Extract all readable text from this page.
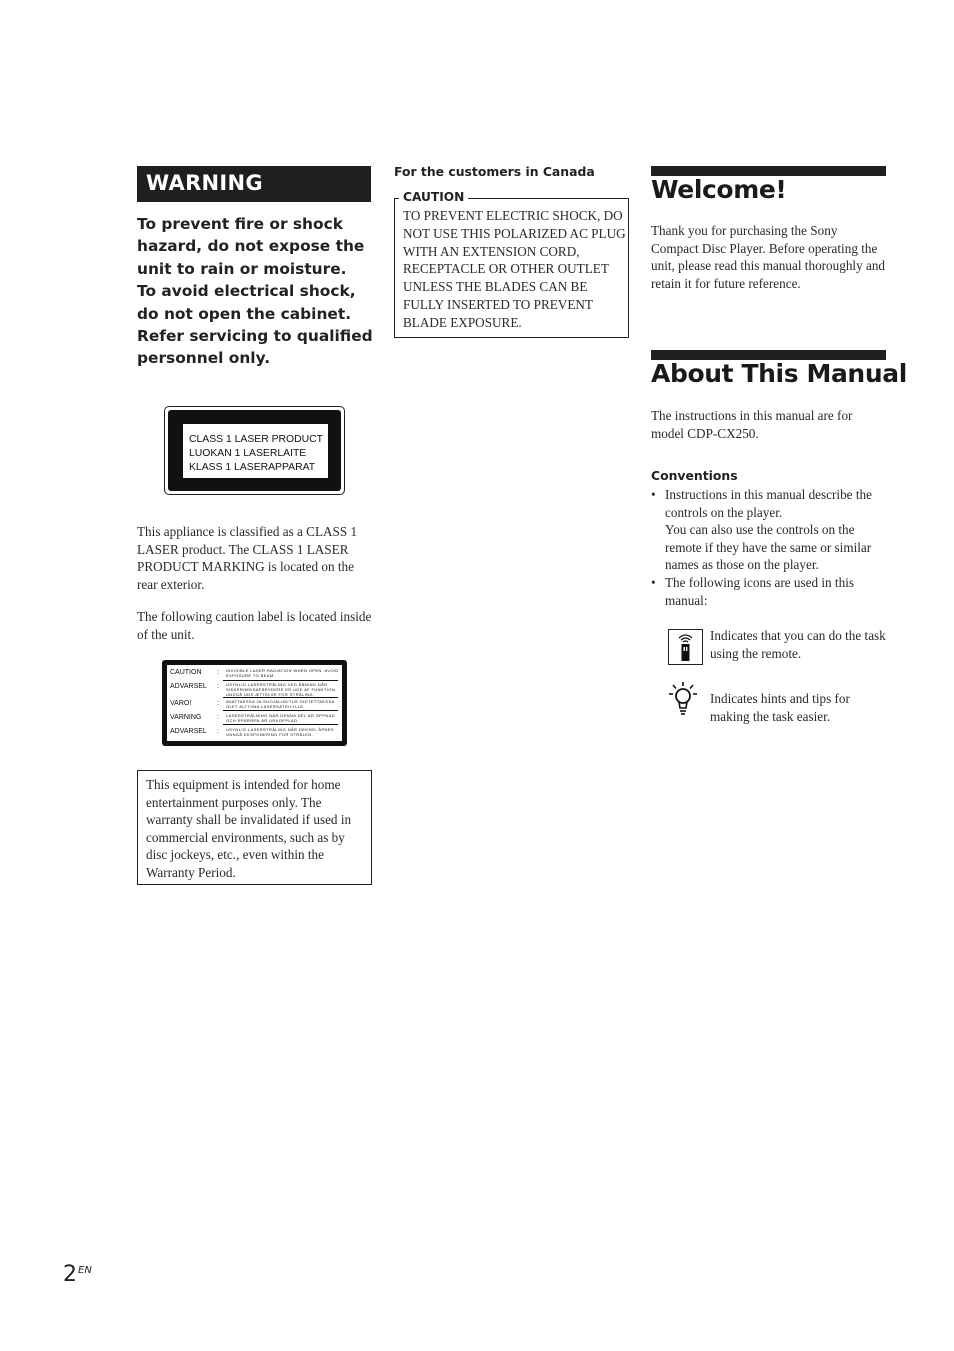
WARNING

To prevent fire or shock hazard, do not expose the unit to rain or moisture.

To avoid electrical shock, do not open the cabinet. Refer servicing to qualified personnel only.

CLASS 1 LASER PRODUCT
LUOKAN 1 LASERLAITE
KLASS 1 LASERAPPARAT
This appliance is classified as a CLASS 1 LASER product. The CLASS 1 LASER PRODUCT MARKING is located on the rear exterior.
The following caution label is located inside of the unit.
CAUTION : INVISIBLE LASER RADIATION WHEN OPEN. AVOID EXPOSURE TO BEAM.
ADVARSEL : USYNLIG LASERSTRÅLING VED ÅBNING NÅR SIKKERHEDSAFBRYDERE ER UDE AF FUNKTION. UNDGÅ UDS ÆTTELSE FOR STRÅLING.
VARO!	: AVATTAESSA JA SUOJALUKITUS OHITETTAESSA OLET ALTTIINA LASERSÄTEILYLLE.
VARNING : LASERSTRÅLNING NÄR DENNA DEL ÄR ÖPPNAD OCH SPÄRREN ÄR URKOPPLAD.
ADVARSEL : USYNLIG LASERSTRÅLING NÅR DEKSEL ÅPNES UNNGÅ EKSPONERING FOR STRÅLEN.
This equipment is intended for home entertainment purposes only. The warranty shall be invalidated if used in commercial environments, such as by disc jockeys, etc., even within the Warranty Period.
For the customers in Canada
CAUTION
TO PREVENT ELECTRIC SHOCK, DO NOT USE THIS POLARIZED AC PLUG WITH AN EXTENSION CORD, RECEPTACLE OR OTHER OUTLET UNLESS THE BLADES CAN BE FULLY INSERTED TO PREVENT BLADE EXPOSURE.
Welcome!
Thank you for purchasing the Sony Compact Disc Player. Before operating the unit, please read this manual thoroughly and retain it for future reference.
About This Manual
The instructions in this manual are for model CDP-CX250.
Conventions
• Instructions in this manual describe the controls on the player.
You can also use the controls on the remote if they have the same or similar names as those on the player.
• The following icons are used in this manual:
Indicates that you can do the task using the remote.
Indicates hints and tips for making the task easier.
$2^{EN}$
